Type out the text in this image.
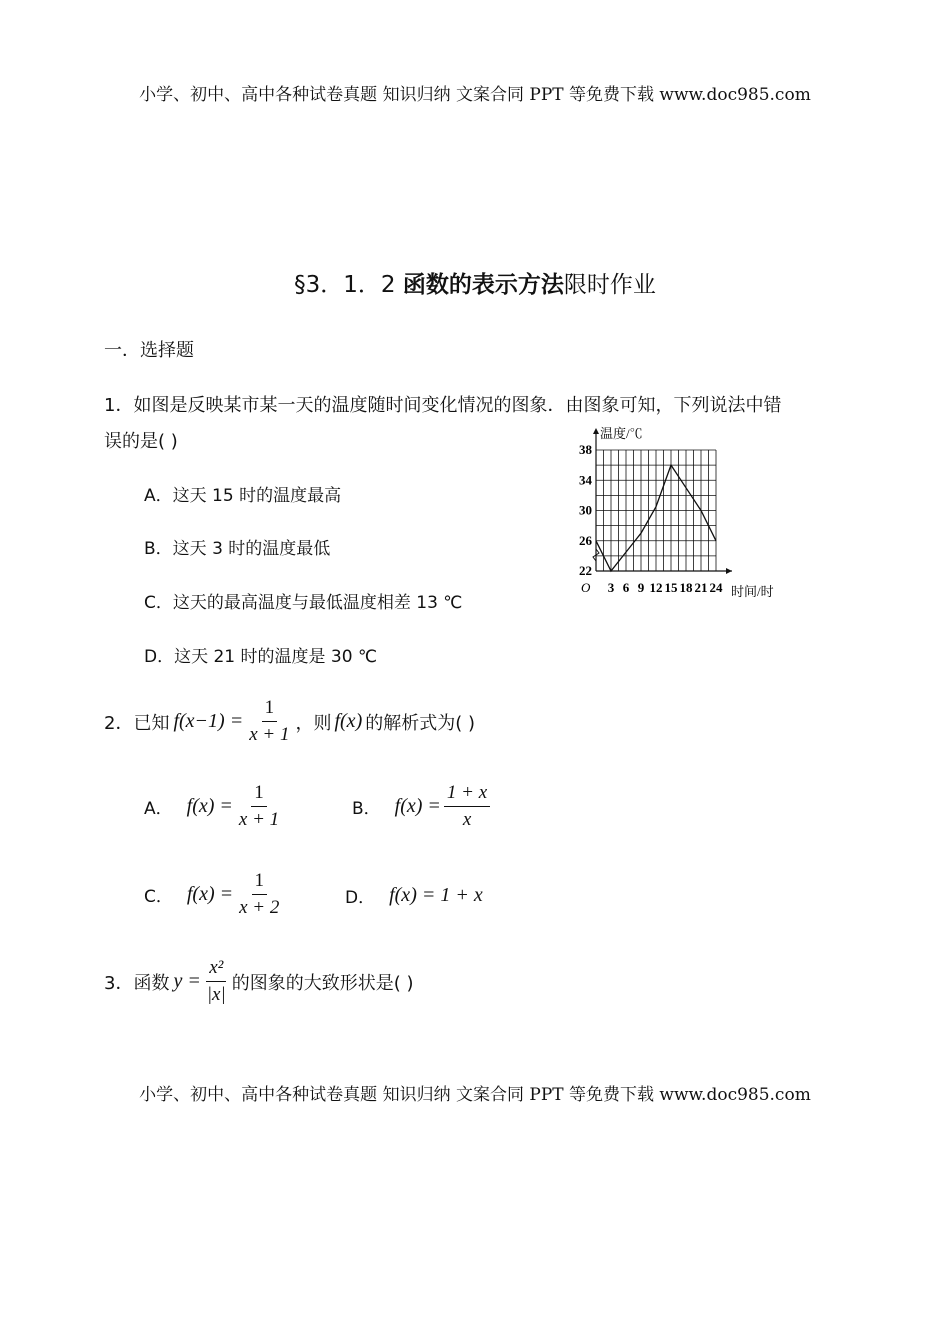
小学、初中、高中各种试卷真题 知识归纳 文案合同 PPT 等免费下载 www.doc985.com
§3．1．2 函数的表示方法限时作业
一．选择题
1．如图是反映某市某一天的温度随时间变化情况的图象．由图象可知，下列说法中错
误的是( )
A．这天 15 时的温度最高
B．这天 3 时的温度最低
C．这天的最高温度与最低温度相差 13 ℃
D．这天 21 时的温度是 30 ℃
3 6 9 12 15 18 21 24
22
26
30
34
38
温度/℃
时间/时
O
2．已知 $f(x-1) = \frac{1}{x + 1}$ ，则 f(x) 的解析式为( )
A． $f(x) = \frac{1}{x + 1}$	B． $f(x) = \frac{1 + x}{x}$
C． $f(x) = \frac{1}{x + 2}$	D． f(x) = 1 + x
3．函数 $y = \frac{\text{x²}}{|x|}$ 的图象的大致形状是( )
小学、初中、高中各种试卷真题 知识归纳 文案合同 PPT 等免费下载 www.doc985.com
